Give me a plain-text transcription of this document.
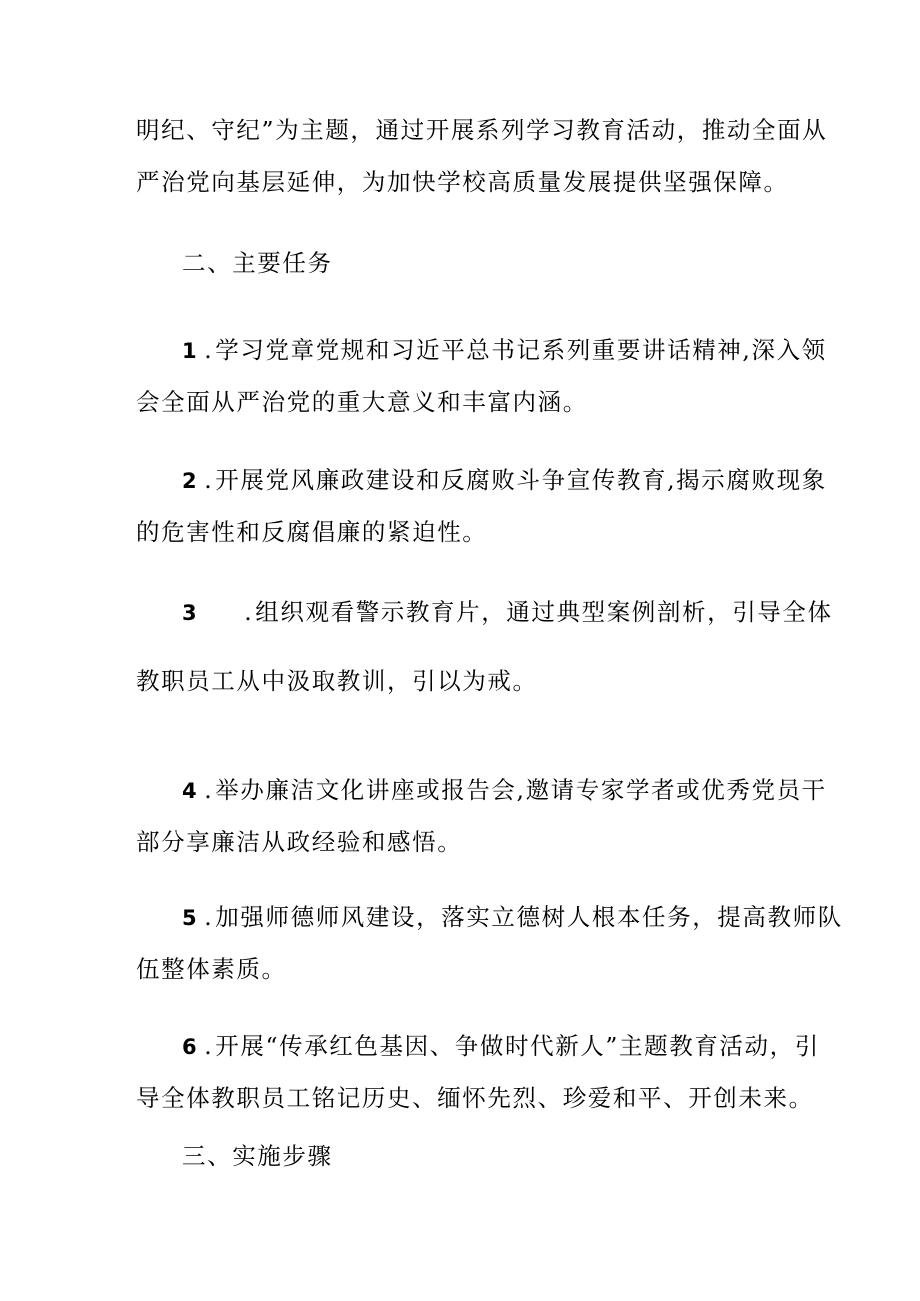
明纪、守纪”为主题，通过开展系列学习教育活动，推动全面从
严治党向基层延伸，为加快学校高质量发展提供坚强保障。
二、主要任务
1 .学习党章党规和习近平总书记系列重要讲话精神,深入领
会全面从严治党的重大意义和丰富内涵。
2 .开展党风廉政建设和反腐败斗争宣传教育,揭示腐败现象
的危害性和反腐倡廉的紧迫性。
3 .组织观看警示教育片，通过典型案例剖析，引导全体
教职员工从中汲取教训，引以为戒。
4 .举办廉洁文化讲座或报告会,邀请专家学者或优秀党员干
部分享廉洁从政经验和感悟。
5 .加强师德师风建设，落实立德树人根本任务，提高教师队
伍整体素质。
6 .开展“传承红色基因、争做时代新人”主题教育活动，引
导全体教职员工铭记历史、缅怀先烈、珍爱和平、开创未来。
三、实施步骤
